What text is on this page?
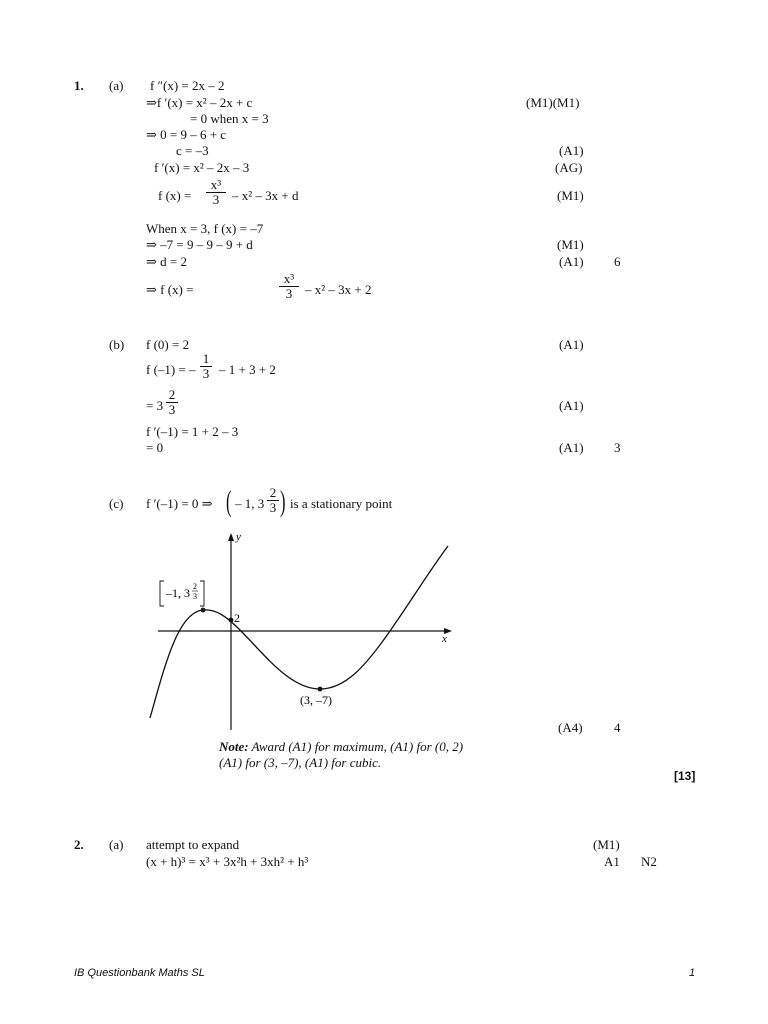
1. (a) f ″(x) = 2x – 2
⇒f ′(x) = x² – 2x + c	(M1)(M1)
= 0 when x = 3
⇒ 0 = 9 – 6 + c
c = –3	(A1)
f ′(x) = x² – 2x – 3	(AG)
f $(x) = \frac{\text{x³}}{3} - x^2 - 3x + d$	(M1)
When x = 3, f (x) = –7
⇒ –7 = 9 – 9 – 9 + d	(M1)
⇒ d = 2	(A1) 6
⇒ f (x) =	$\frac{\text{x³}}{3} - x^2 - 3x + 2$
(b) f (0) = 2	(A1)
f (–1) = – $\frac{1}{3} - 1 + 3 + 2$
= $3 \frac{2}{3}$	(A1)
f ′(–1) = 1 + 2 – 3
= 0	(A1) 3
(c) f ′(–1) = 0 ⇒ ( – 1, $3 \frac{2}{3}$ ) is a stationary point
y
x
2
(3, –7)
–1, 3 2
3
(A4) 4
Note: Award (A1) for maximum, (A1) for (0, 2)
(A1) for (3, –7), (A1) for cubic.
[13]
2. (a) attempt to expand	(M1)
(x + h)³ = x³ + 3x²h + 3xh² + h³	A1 N2
IB Questionbank Maths SL	1
